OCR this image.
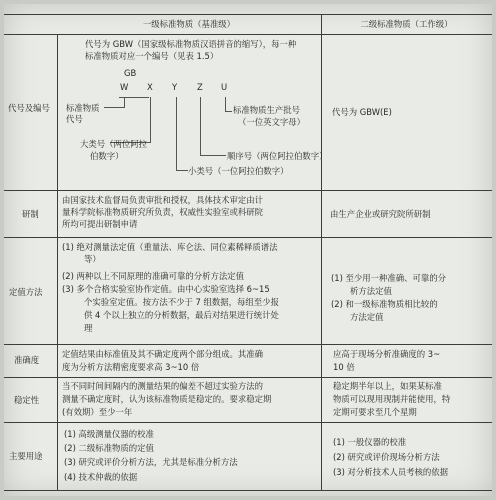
一级标准物质（基准级）	二级标准物质（工作级）
代号及编号
代号为 GBW（国家级标准物质汉语拼音的缩写），每一种
标准物质对应一个编号（见表 1.5）
GB
W X Y Z U
标准物质
代号
大类号（两位阿拉
伯数字）
标准物质生产批号
（一位英文字母）
顺序号（两位阿拉伯数字）
小类号（一位阿拉伯数字）
代号为 GBW(E)
研制
由国家技术监督局负责审批和授权，具体技术审定由计
量科学院标准物质研究所负责，权威性实验室或科研院
所均可提出研制申请
由生产企业或研究院所研制
定值方法
(1) 绝对测量法定值（重量法、库仑法、同位素稀释质谱法
等）
(2) 两种以上不同原理的准确可靠的分析方法定值
(3) 多个合格实验室协作定值。由中心实验室选择 6~15
个实验室定值。按方法不少于 7 组数据，每组至少报
供 4 个以上独立的分析数据，最后对结果进行统计处
理
(1) 至少用一种准确、可靠的分
析方法定值
(2) 和一级标准物质相比较的
方法定值
准确度
定值结果由标准值及其不确定度两个部分组成。其准确
度为分析方法精密度要求高 3~10 倍
应高于现场分析准确度的 3~
10 倍
稳定性
当不同时间间隔内的测量结果的偏差不超过实验方法的
测量不确定度时，认为该标准物质是稳定的。要求稳定期
(有效期）至少一年
稳定期半年以上，如果某标准
物质可以现用现制并能使用，特
定期可要求至几个星期
主要用途
(1) 高级测量仪器的校准
(2) 二级标准物质的定值
(3) 研究或评价分析方法，尤其是标准分析方法
(4) 技术仲裁的依据
(1) 一般仪器的校准
(2) 研究或评价现场分析方法
(3) 对分析技术人员考核的依据
